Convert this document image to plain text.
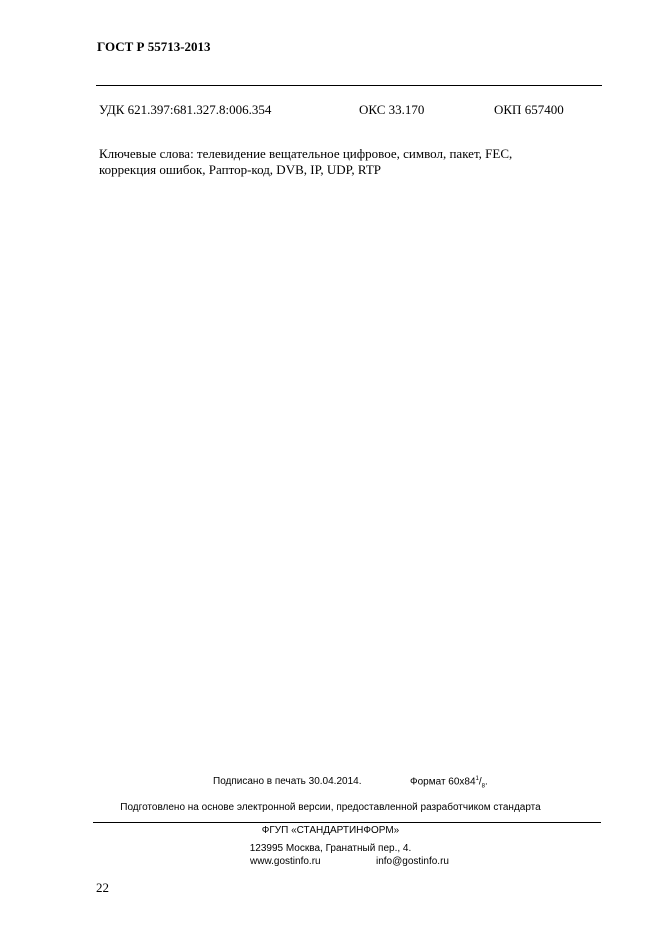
ГОСТ Р 55713-2013
УДК 621.397:681.327.8:006.354	ОКС 33.170	ОКП 657400
Ключевые слова: телевидение вещательное цифровое, символ, пакет, FEC,
коррекция ошибок, Раптор-код, DVB, IP, UDP, RTP
Подписано в печать 30.04.2014.	Формат $60х84^1/_8$.
Подготовлено на основе электронной версии, предоставленной разработчиком стандарта
ФГУП «СТАНДАРТИНФОРМ»
123995 Москва, Гранатный пер., 4.
www.gostinfo.ru	info@gostinfo.ru
22
